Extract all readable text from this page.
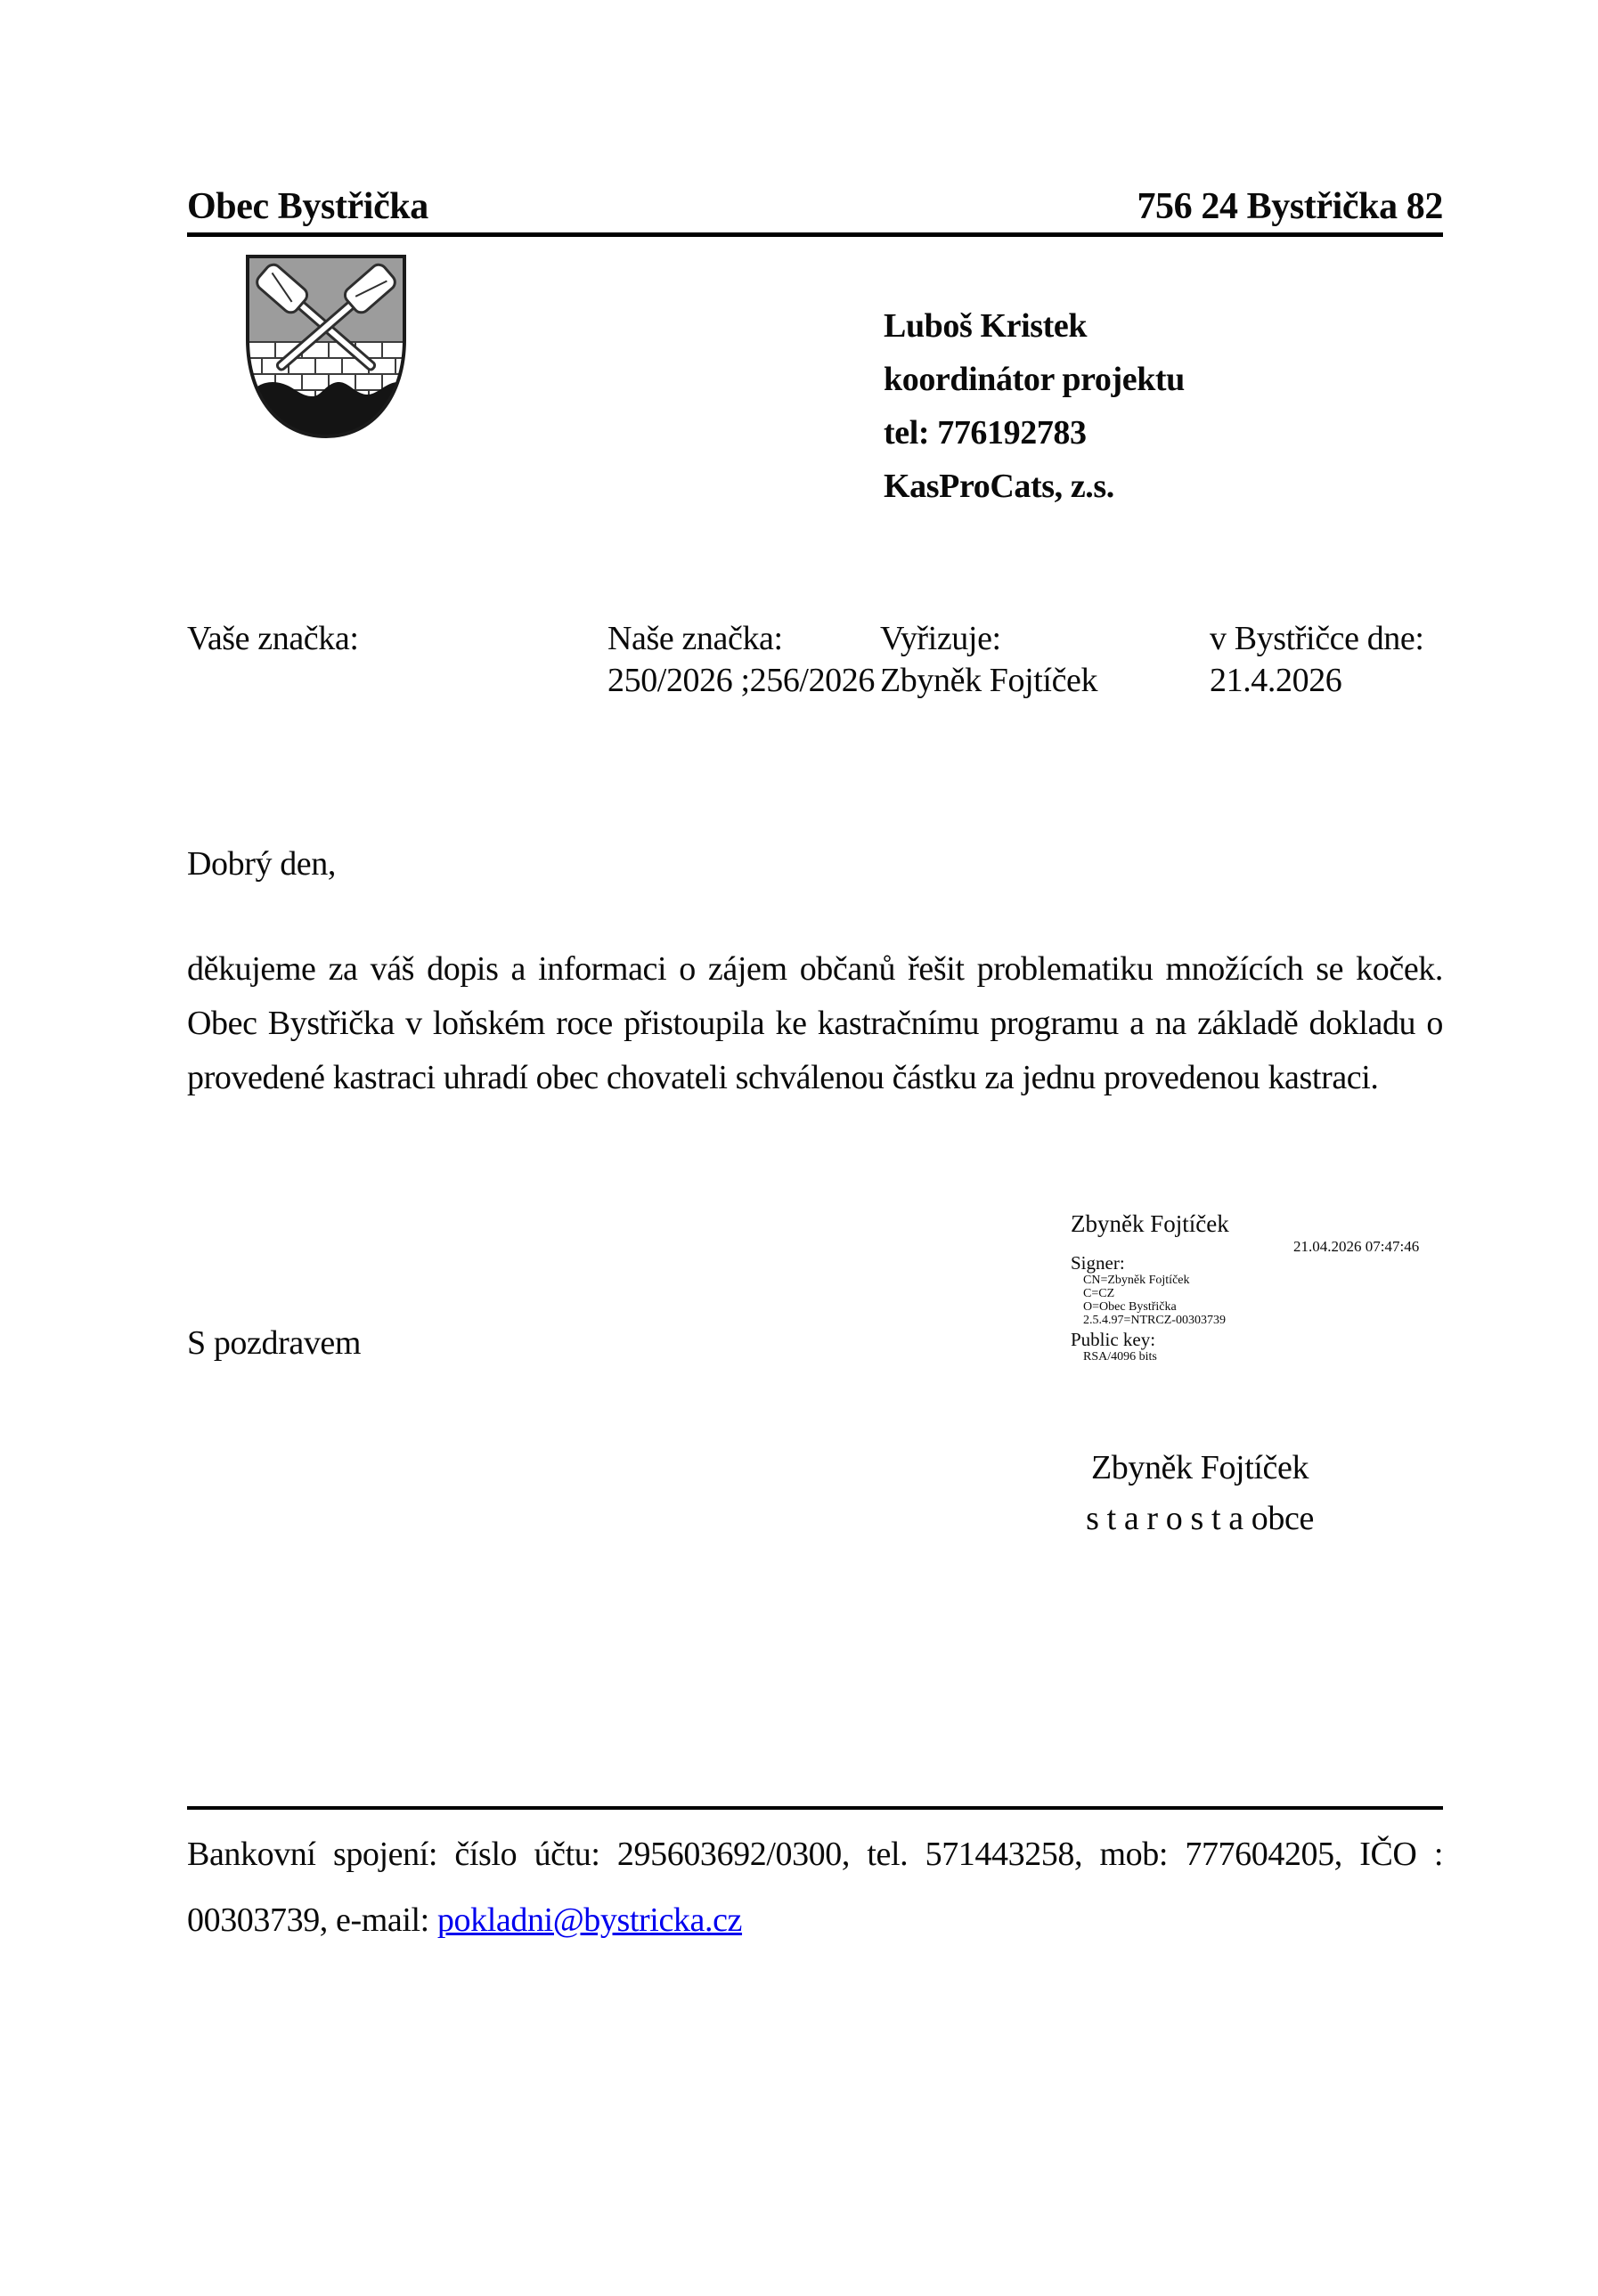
Obec Bystřička	756 24 Bystřička 82
Luboš Kristek
koordinátor projektu
tel: 776192783
KasProCats, z.s.
Vaše značka:	Naše značka:
250/2026 ;256/2026
Vyřizuje:
Zbyněk Fojtíček
v Bystřičce dne:
21.4.2026
Dobrý den,

děkujeme za váš dopis a informaci o zájem občanů řešit problematiku množících se koček. Obec Bystřička v loňském roce přistoupila ke kastračnímu programu a na základě dokladu o provedené kastraci uhradí obec chovateli schválenou částku za jednu provedenou kastraci.

Zbyněk Fojtíček
21.04.2026 07:47:46
Signer:
CN=Zbyněk Fojtíček
C=CZ
O=Obec Bystřička
2.5.4.97=NTRCZ-00303739
Public key:
RSA/4096 bits
S pozdravem
Zbyněk Fojtíček
s t a r o s t a obce

Bankovní spojení: číslo účtu: 295603692/0300, tel. 571443258, mob: 777604205, IČO : 00303739, e-mail: pokladni@bystricka.cz
